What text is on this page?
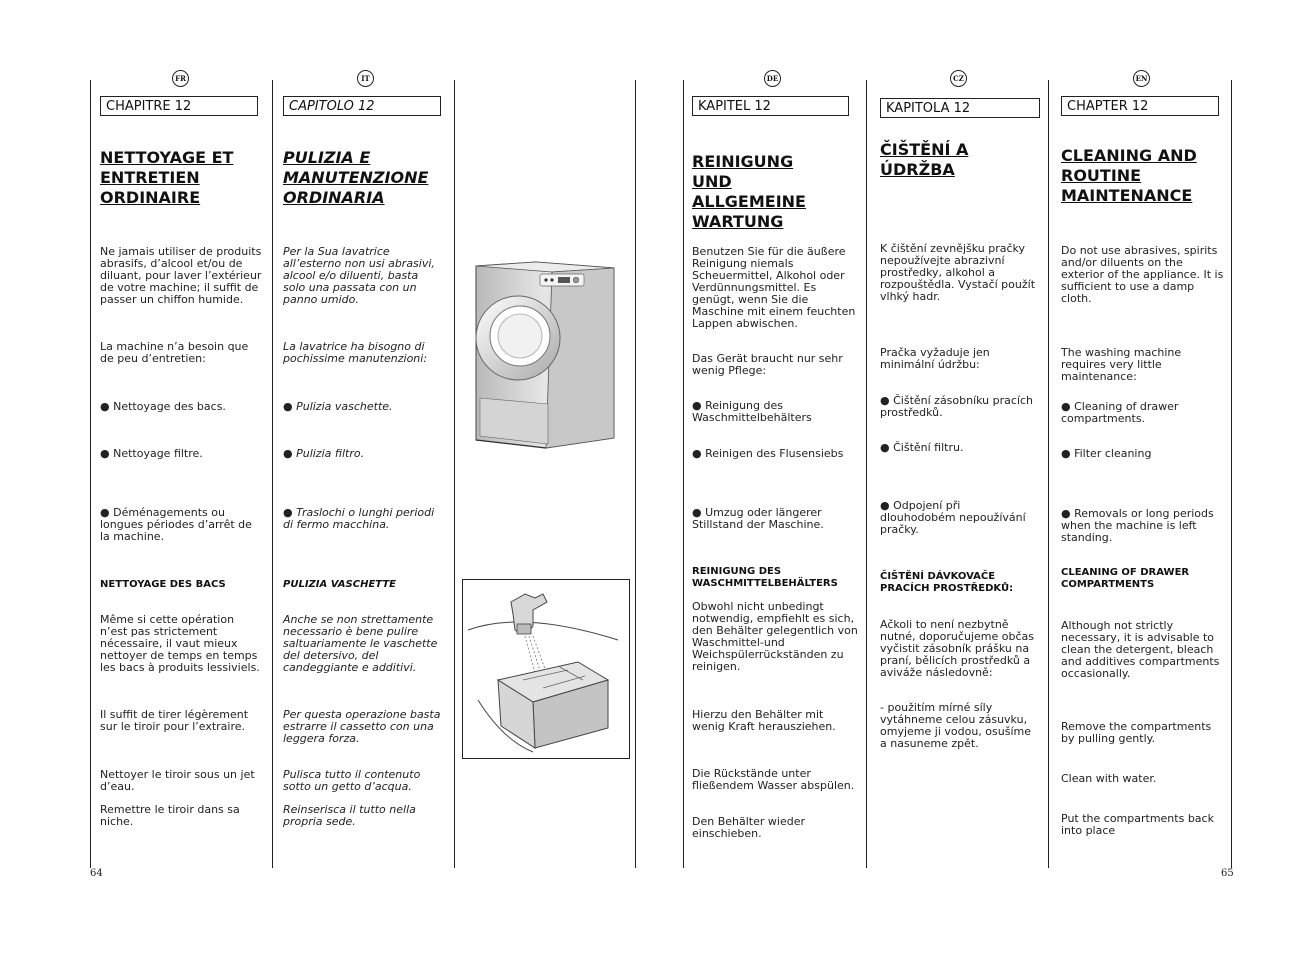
FR
CHAPITRE 12
NETTOYAGE ET ENTRETIEN ORDINAIRE

Ne jamais utiliser de produits abrasifs, d’alcool et/ou de diluant, pour laver l’extérieur de votre machine; il suffit de passer un chiffon humide.

La machine n’a besoin que de peu d’entretien:

● Nettoyage des bacs.

● Nettoyage filtre.

● Déménagements ou longues périodes d’arrêt de la machine.

NETTOYAGE DES BACS

Même si cette opération n’est pas strictement nécessaire, il vaut mieux nettoyer de temps en temps les bacs à produits lessiviels.

Il suffit de tirer légèrement sur le tiroir pour l’extraire.

Nettoyer le tiroir sous un jet d’eau.

Remettre le tiroir dans sa niche.

IT
CAPITOLO 12
PULIZIA E MANUTENZIONE ORDINARIA

Per la Sua lavatrice all’esterno non usi abrasivi, alcool e/o diluenti, basta solo una passata con un panno umido.

La lavatrice ha bisogno di pochissime manutenzioni:

● Pulizia vaschette.

● Pulizia filtro.

● Traslochi o lunghi periodi di fermo macchina.

PULIZIA VASCHETTE

Anche se non strettamente necessario è bene pulire saltuariamente le vaschette del detersivo, del candeggiante e additivi.

Per questa operazione basta estrarre il cassetto con una leggera forza.

Pulisca tutto il contenuto sotto un getto d’acqua.

Reinserisca il tutto nella propria sede.

DE
KAPITEL 12
REINIGUNG UND ALLGEMEINE WARTUNG

Benutzen Sie für die äußere Reinigung niemals Scheuermittel, Alkohol oder Verdünnungsmittel. Es genügt, wenn Sie die Maschine mit einem feuchten Lappen abwischen.

Das Gerät braucht nur sehr wenig Pflege:

● Reinigung des Waschmittelbehälters

● Reinigen des Flusensiebs

● Umzug oder längerer Stillstand der Maschine.

REINIGUNG DES WASCHMITTELBEHÄLTERS

Obwohl nicht unbedingt notwendig, empfiehlt es sich, den Behälter gelegentlich von Waschmittel-und Weichspülerrückständen zu reinigen.

Hierzu den Behälter mit wenig Kraft herausziehen.

Die Rückstände unter fließendem Wasser abspülen.

Den Behälter wieder einschieben.

CZ
KAPITOLA 12
ČIŠTĚNÍ A ÚDRŽBA

K čištění zevnějšku pračky nepoužívejte abrazivní prostředky, alkohol a rozpouštědla. Vystačí použít vlhký hadr.

Pračka vyžaduje jen minimální údržbu:

● Čištění zásobníku pracích prostředků.

● Čištění filtru.

● Odpojení při dlouhodobém nepoužívání pračky.

ČIŠTĚNÍ DÁVKOVAČE PRACÍCH PROSTŘEDKŮ:

Ačkoli to není nezbytně nutné, doporučujeme občas vyčistit zásobník prášku na praní, bělicích prostředků a aviváže následovně:

- použitím mírné síly vytáhneme celou zásuvku, omyjeme ji vodou, osušíme a nasuneme zpět.

EN
CHAPTER 12
CLEANING AND ROUTINE MAINTENANCE

Do not use abrasives, spirits and/or diluents on the exterior of the appliance. It is sufficient to use a damp cloth.

The washing machine requires very little maintenance:

● Cleaning of drawer compartments.

● Filter cleaning

● Removals or long periods when the machine is left standing.

CLEANING OF DRAWER COMPARTMENTS

Although not strictly necessary, it is advisable to clean the detergent, bleach and additives compartments occasionally.

Remove the compartments by pulling gently.

Clean with water.

Put the compartments back into place

64	65
